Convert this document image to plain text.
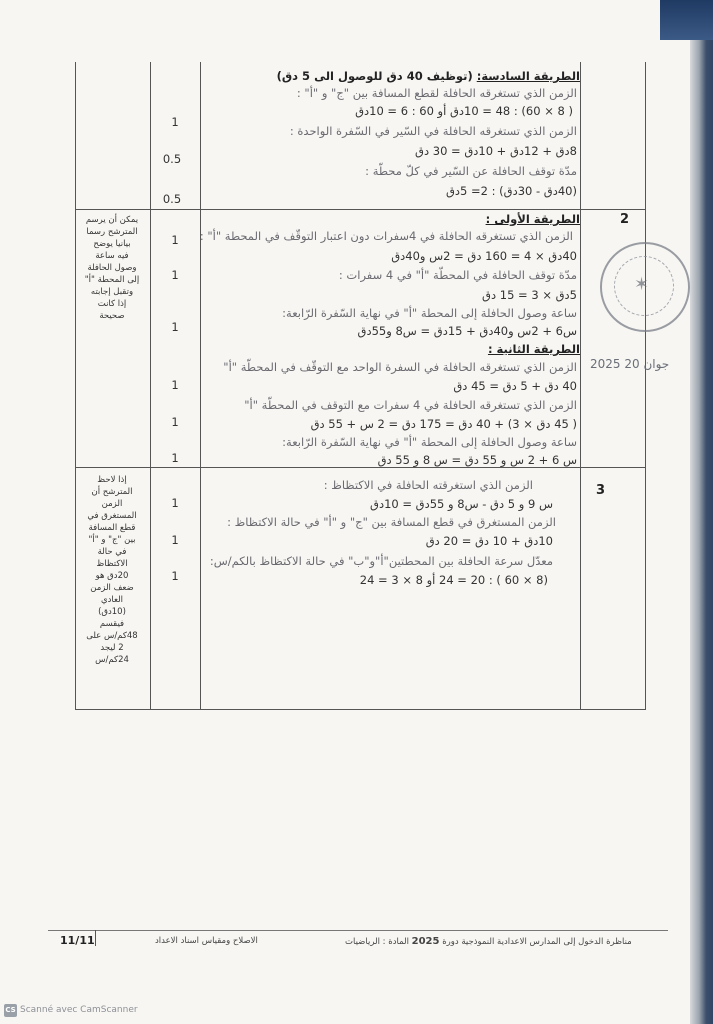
الطريقة السادسة: (توظيف 40 دق للوصول الى 5 دق)
الزمن الذي تستغرقه الحافلة لقطع المسافة بين "ج" و "أ" :
( 8 × 60) : 48 = 10دق أو 60 : 6 = 10دق
الزمن الذي تستغرقه الحافلة في السّير في السّفرة الواحدة :
8دق + 12دق + 10دق = 30 دق
مدّة توقف الحافلة عن السّير في كلّ محطّة :
(40دق - 30دق) : 2= 5دق
1
0.5
0.5
2
يمكن أن يرسم
المترشح رسما
بيانيا يوضح
فيه ساعة
وصول الحافلة
إلى المحطة "أ"
وتقبل إجابته
إذا كانت
صحيحة
الطريقة الأولى :
الزمن الذي تستغرقه الحافلة في 4سفرات دون اعتبار التوقّف في المحطة "أ" :
40دق × 4 = 160 دق = 2س و40دق
مدّة توقف الحافلة في المحطّة "أ" في 4 سفرات :
5دق × 3 = 15 دق
ساعة وصول الحافلة إلى المحطة "أ" في نهاية السّفرة الرّابعة:
س6 + 2س و40دق + 15دق = س8 و55دق
الطريقة الثانية :
الزمن الذي تستغرقه الحافلة في السفرة الواحد مع التوقّف في المحطّة "أ"
40 دق + 5 دق = 45 دق
الزمن الذي تستغرقه الحافلة في 4 سفرات مع التوقف في المحطّة "أ"
( 45 دق × 3) + 40 دق = 175 دق = 2 س + 55 دق
ساعة وصول الحافلة إلى المحطة "أ" في نهاية السّفرة الرّابعة:
س 6 + 2 س و 55 دق = س 8 و 55 دق
1
1
1
1
1
1
3
إذا لاحظ
المترشح أن
الزمن
المستغرق في
قطع المسافة
بين "ج" و "أ"
في حالة
الاكتظاظ
20دق هو
ضعف الزمن
العادي
(10دق)
فيقسم
48كم/س على
2 ليجد
24كم/س
الزمن الذي استغرقته الحافلة في الاكتظاظ :
س 9 و 5 دق - س8 و 55دق = 10دق
الزمن المستغرق في قطع المسافة بين "ج" و "أ" في حالة الاكتظاظ :
10دق + 10 دق = 20 دق
معدّل سرعة الحافلة بين المحطتين"أ"و"ب" في حالة الاكتظاظ بالكم/س:
(8 × 60 ) : 20 = 24 أو 8 × 3 = 24
1
1
1
✶
2025 جوان 20
11/11	الاصلاح ومقياس اسناد الاعداد	مناظرة الدخول إلى المدارس الاعدادية النموذجية دورة 2025 المادة : الرياضيات
CS Scanné avec CamScanner
